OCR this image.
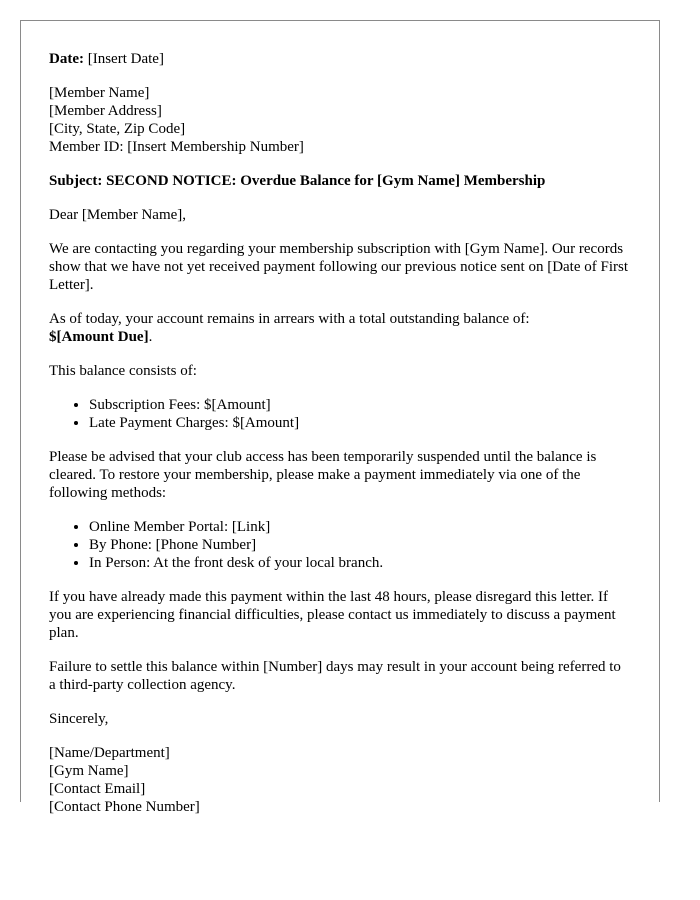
Date: [Insert Date]

[Member Name]

[Member Address]

[City, State, Zip Code]

Member ID: [Insert Membership Number]

Subject: SECOND NOTICE: Overdue Balance for [Gym Name] Membership

Dear [Member Name],

We are contacting you regarding your membership subscription with [Gym Name]. Our records show that we have not yet received payment following our previous notice sent on [Date of First Letter].

As of today, your account remains in arrears with a total outstanding balance of:
$[Amount Due].

This balance consists of:

• Subscription Fees: $[Amount]
• Late Payment Charges: $[Amount]

Please be advised that your club access has been temporarily suspended until the balance is cleared. To restore your membership, please make a payment immediately via one of the following methods:

• Online Member Portal: [Link]
• By Phone: [Phone Number]
• In Person: At the front desk of your local branch.

If you have already made this payment within the last 48 hours, please disregard this letter. If you are experiencing financial difficulties, please contact us immediately to discuss a payment plan.

Failure to settle this balance within [Number] days may result in your account being referred to a third-party collection agency.

Sincerely,

[Name/Department]

[Gym Name]

[Contact Email]

[Contact Phone Number]
